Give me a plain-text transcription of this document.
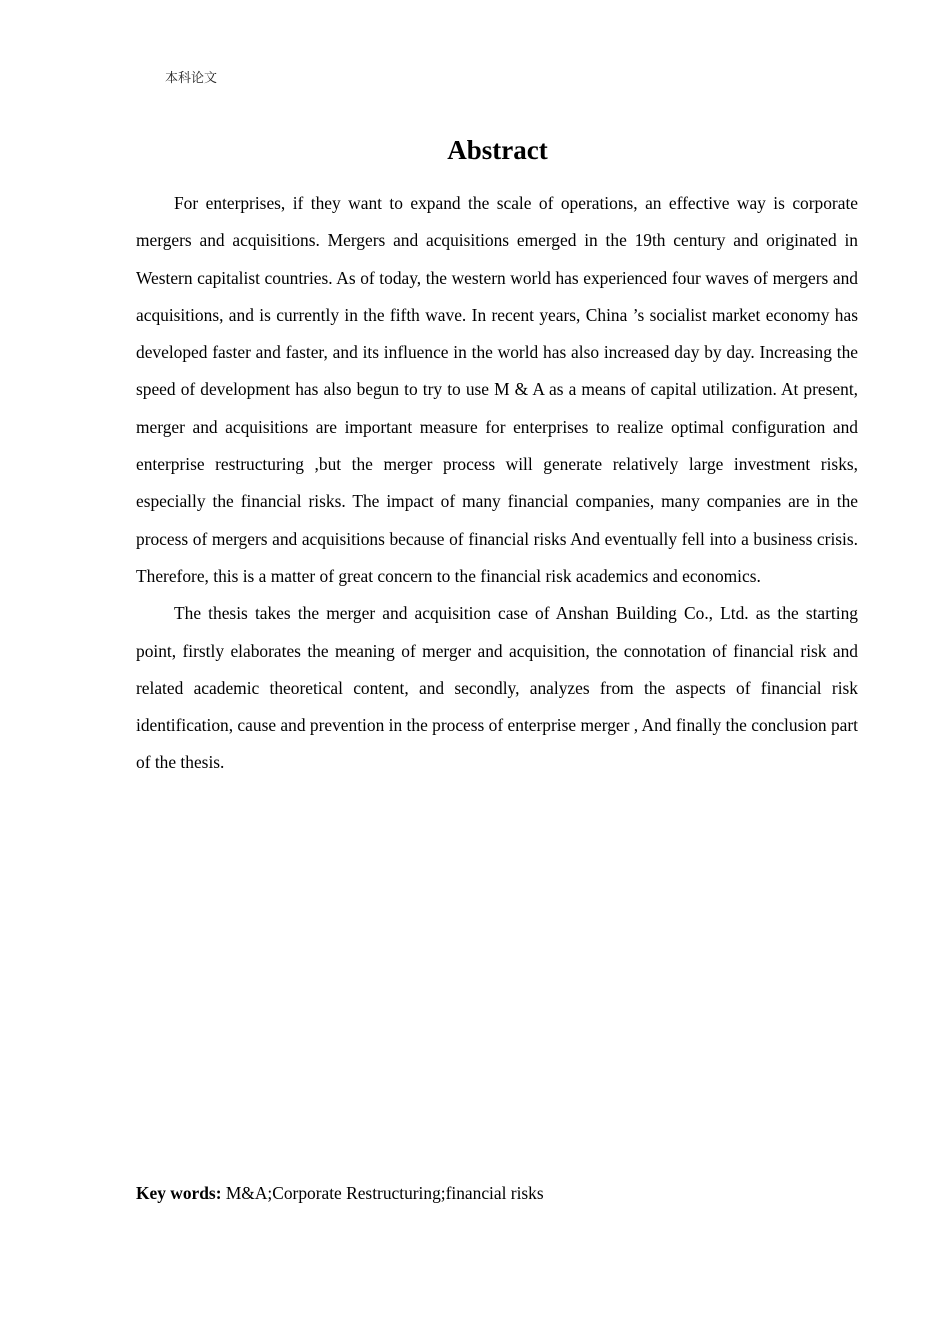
本科论文
Abstract

For enterprises, if they want to expand the scale of operations, an effective way is corporate mergers and acquisitions. Mergers and acquisitions emerged in the 19th century and originated in Western capitalist countries. As of today, the western world has experienced four waves of mergers and acquisitions, and is currently in the fifth wave. In recent years, China ’s socialist market economy has developed faster and faster, and its influence in the world has also increased day by day. Increasing the speed of development has also begun to try to use M & A as a means of capital utilization. At present, merger and acquisitions are important measure for enterprises to realize optimal configuration and enterprise restructuring ,but the merger process will generate relatively large investment risks, especially the financial risks. The impact of many financial companies, many companies are in the process of mergers and acquisitions because of financial risks And eventually fell into a business crisis. Therefore, this is a matter of great concern to the financial risk academics and economics.

The thesis takes the merger and acquisition case of Anshan Building Co., Ltd. as the starting point, firstly elaborates the meaning of merger and acquisition, the connotation of financial risk and related academic theoretical content, and secondly, analyzes from the aspects of financial risk identification, cause and prevention in the process of enterprise merger , And finally the conclusion part of the thesis.

Key words: M&A;Corporate Restructuring;financial risks
